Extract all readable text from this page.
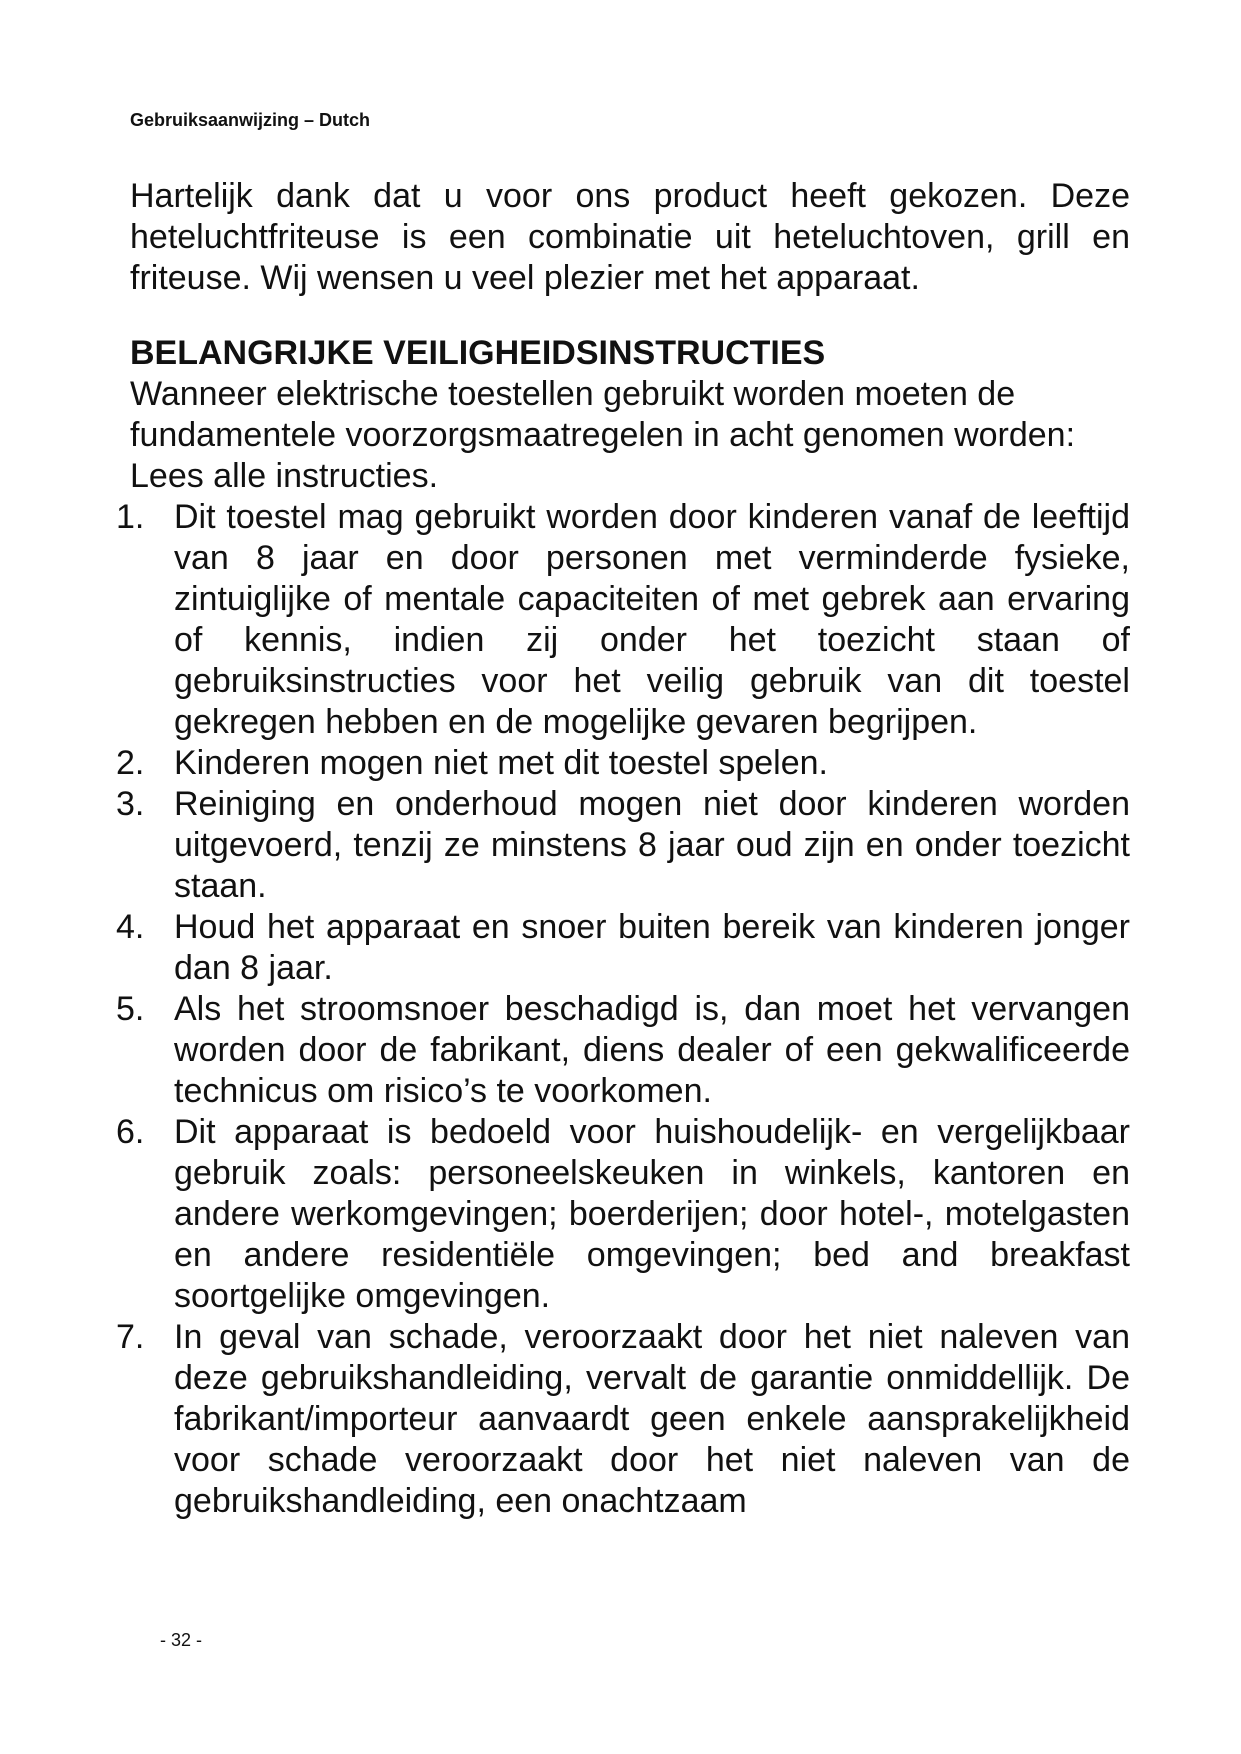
Gebruiksaanwijzing – Dutch

Hartelijk dank dat u voor ons product heeft gekozen. Deze heteluchtfriteuse is een combinatie uit heteluchtoven, grill en friteuse. Wij wensen u veel plezier met het apparaat.

BELANGRIJKE VEILIGHEIDSINSTRUCTIES

Wanneer elektrische toestellen gebruikt worden moeten de fundamentele voorzorgsmaatregelen in acht genomen worden:

Lees alle instructies.

1. Dit toestel mag gebruikt worden door kinderen vanaf de leeftijd van 8 jaar en door personen met verminderde fysieke, zintuiglijke of mentale capaciteiten of met gebrek aan ervaring of kennis, indien zij onder het toezicht staan of gebruiksinstructies voor het veilig gebruik van dit toestel gekregen hebben en de mogelijke gevaren begrijpen.
2. Kinderen mogen niet met dit toestel spelen.
3. Reiniging en onderhoud mogen niet door kinderen worden uitgevoerd, tenzij ze minstens 8 jaar oud zijn en onder toezicht staan.
4. Houd het apparaat en snoer buiten bereik van kinderen jonger dan 8 jaar.
5. Als het stroomsnoer beschadigd is, dan moet het vervangen worden door de fabrikant, diens dealer of een gekwalificeerde technicus om risico’s te voorkomen.
6. Dit apparaat is bedoeld voor huishoudelijk- en vergelijkbaar gebruik zoals: personeelskeuken in winkels, kantoren en andere werkomgevingen; boerderijen; door hotel-, motelgasten en andere residentiële omgevingen; bed and breakfast soortgelijke omgevingen.
7. In geval van schade, veroorzaakt door het niet naleven van deze gebruikshandleiding, vervalt de garantie onmiddellijk. De fabrikant/importeur aanvaardt geen enkele aansprakelijkheid voor schade veroorzaakt door het niet naleven van de gebruikshandleiding, een onachtzaam
- 32 -
